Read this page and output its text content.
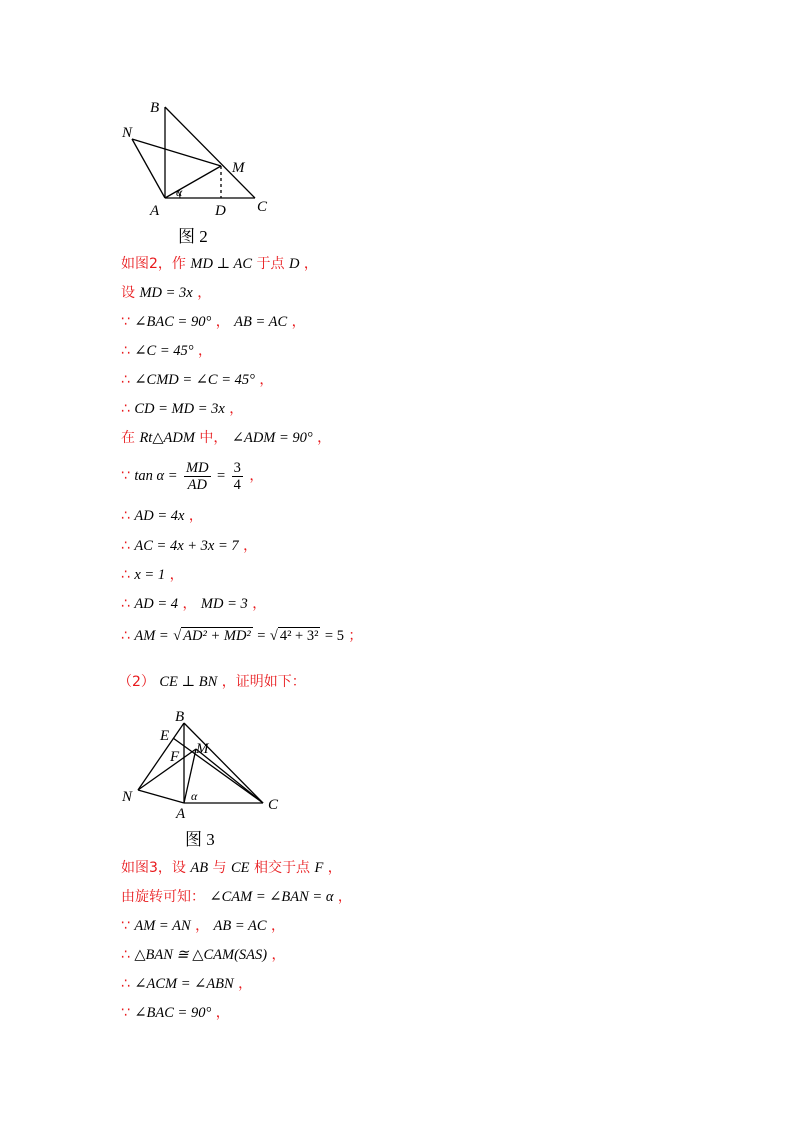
B
N
M
A	D C
α
图 2
如图2，作 MD ⊥ AC 于点 D ，
设 MD = 3x ，
∵ ∠BAC = 90° ， AB = AC ，
∴ ∠C = 45° ，
∴ ∠CMD = ∠C = 45° ，
∴ CD = MD = 3x ，
在 Rt△ADM 中， ∠ADM = 90° ，
∵ $\tan \alpha = \frac{MD}{AD} = \frac{3}{4}$ ，
∴ AD = 4x ，
∴ AC = 4x + 3x = 7 ，
∴ x = 1 ，
∴ AD = 4 ， MD = 3 ，
∴ AM = √ AD² + MD² = √ 4² + 3² = 5 ；
（2） CE ⊥ BN ，证明如下：
B
E
F M
N
A
C
α
图 3
如图3，设 AB 与 CE 相交于点 F ，
由旋转可知： ∠CAM = ∠BAN = α ，
∵ AM = AN ， AB = AC ，
∴ △BAN ≅ △CAM(SAS) ，
∴ ∠ACM = ∠ABN ，
∵ ∠BAC = 90° ，
